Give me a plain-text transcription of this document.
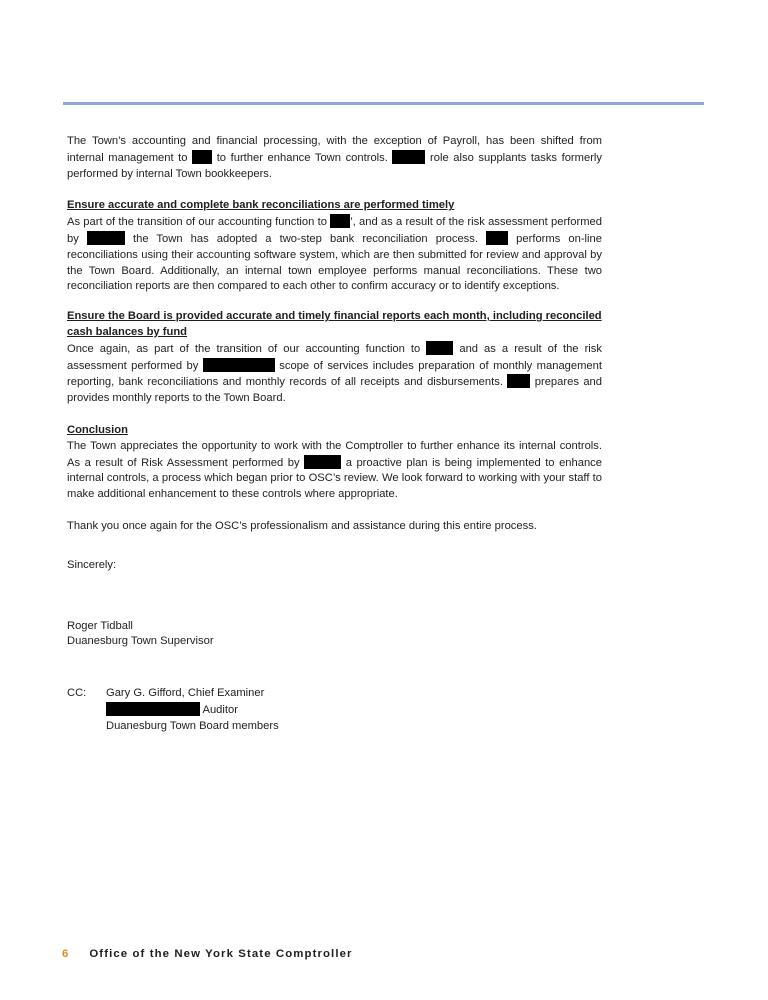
The Town’s accounting and financial processing, with the exception of Payroll, has been shifted from internal management to  to further enhance Town controls.	role also supplants tasks formerly performed by internal Town bookkeepers.

Ensure accurate and complete bank reconciliations are performed timely

As part of the transition of our accounting function to ’, and as a result of the risk assessment performed by	the Town has adopted a two-step bank reconciliation process.  performs on-line reconciliations using their accounting software system, which are then submitted for review and approval by the Town Board. Additionally, an internal town employee performs manual reconciliations. These two reconciliation reports are then compared to each other to confirm accuracy or to identify exceptions.

Ensure the Board is provided accurate and timely financial reports each month, including reconciled cash balances by fund

Once again, as part of the transition of our accounting function to  and as a result of the risk assessment performed by	scope of services includes preparation of monthly management reporting, bank reconciliations and monthly records of all receipts and disbursements.  prepares and provides monthly reports to the Town Board.

Conclusion

The Town appreciates the opportunity to work with the Comptroller to further enhance its internal controls. As a result of Risk Assessment performed by	a proactive plan is being implemented to enhance internal controls, a process which began prior to OSC’s review. We look forward to working with your staff to make additional enhancement to these controls where appropriate.

Thank you once again for the OSC’s professionalism and assistance during this entire process.

Sincerely:

Roger Tidball

Duanesburg Town Supervisor

CC:	Gary G. Gifford, Chief Examiner

Auditor

Duanesburg Town Board members

6 Office of the New York State Comptroller
